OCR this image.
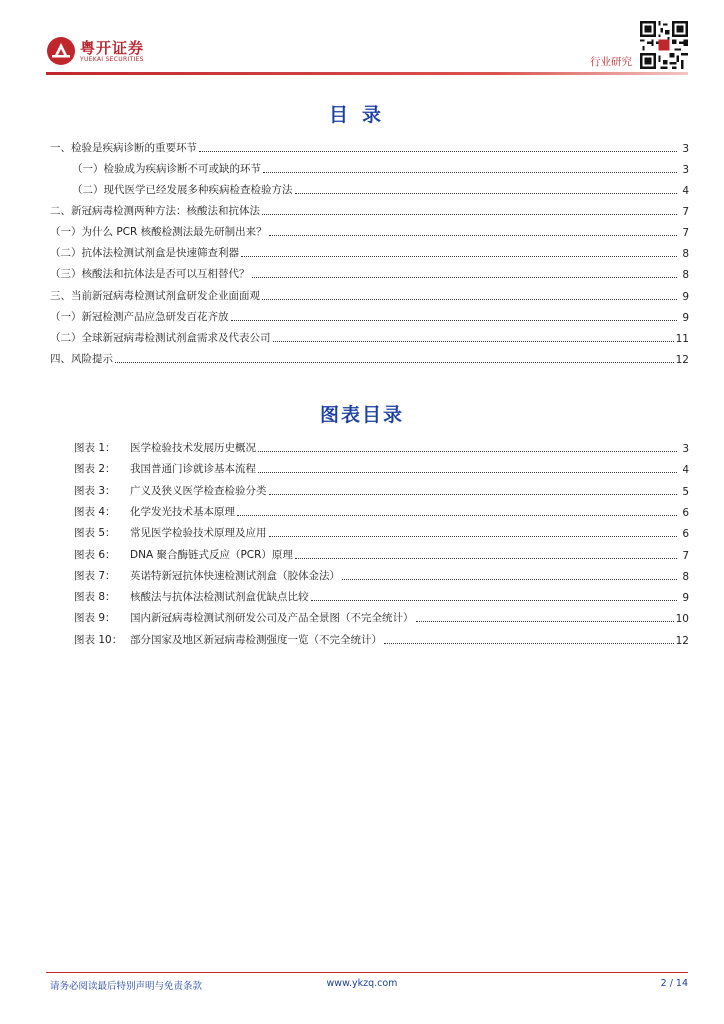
粤开证券
YUEKAI SECURITIES	行业研究
目录
一、检验是疾病诊断的重要环节	3
（一）检验成为疾病诊断不可或缺的环节	3
（二）现代医学已经发展多种疾病检查检验方法	4
二、新冠病毒检测两种方法：核酸法和抗体法	7
（一）为什么 PCR 核酸检测法最先研制出来？	7
（二）抗体法检测试剂盒是快速筛查利器	8
（三）核酸法和抗体法是否可以互相替代？	8
三、当前新冠病毒检测试剂盒研发企业面面观	9
（一）新冠检测产品应急研发百花齐放	9
（二）全球新冠病毒检测试剂盒需求及代表公司	11
四、风险提示	12
图表目录
图表 1：	医学检验技术发展历史概况	3
图表 2：	我国普通门诊就诊基本流程	4
图表 3：	广义及狭义医学检查检验分类	5
图表 4：	化学发光技术基本原理	6
图表 5：	常见医学检验技术原理及应用	6
图表 6：	DNA 聚合酶链式反应（PCR）原理	7
图表 7：	英诺特新冠抗体快速检测试剂盒（胶体金法）	8
图表 8：	核酸法与抗体法检测试剂盒优缺点比较	9
图表 9：	国内新冠病毒检测试剂研发公司及产品全景图（不完全统计）	10
图表 10： 部分国家及地区新冠病毒检测强度一览（不完全统计）	12
请务必阅读最后特别声明与免责条款	www.ykzq.com	2 / 14
